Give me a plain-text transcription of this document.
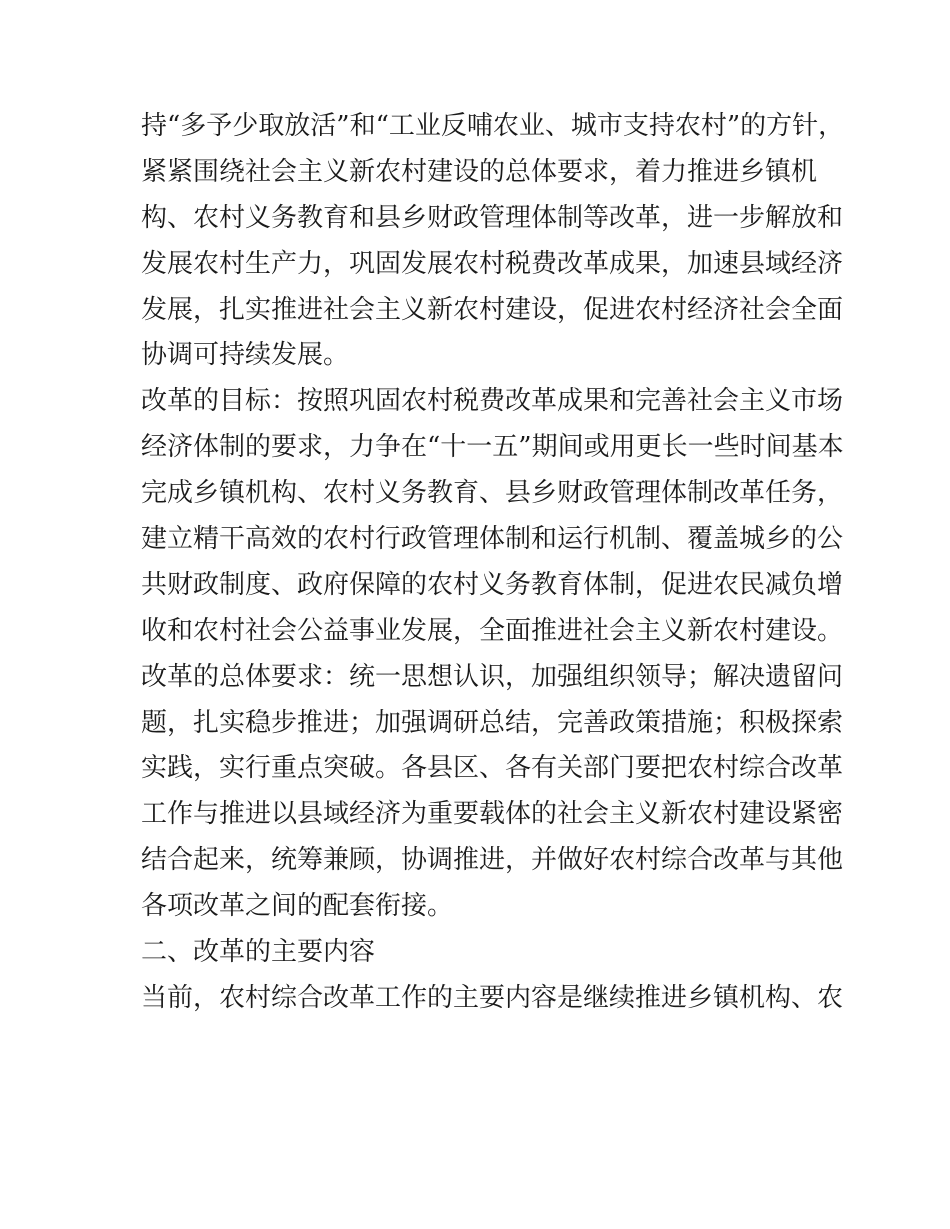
持“多予少取放活”和“工业反哺农业、城市支持农村”的方针，
紧紧围绕社会主义新农村建设的总体要求，着力推进乡镇机
构、农村义务教育和县乡财政管理体制等改革，进一步解放和
发展农村生产力，巩固发展农村税费改革成果，加速县域经济
发展，扎实推进社会主义新农村建设，促进农村经济社会全面
协调可持续发展。
改革的目标：按照巩固农村税费改革成果和完善社会主义市场
经济体制的要求，力争在“十一五”期间或用更长一些时间基本
完成乡镇机构、农村义务教育、县乡财政管理体制改革任务，
建立精干高效的农村行政管理体制和运行机制、覆盖城乡的公
共财政制度、政府保障的农村义务教育体制，促进农民减负增
收和农村社会公益事业发展，全面推进社会主义新农村建设。
改革的总体要求：统一思想认识，加强组织领导；解决遗留问
题，扎实稳步推进；加强调研总结，完善政策措施；积极探索
实践，实行重点突破。各县区、各有关部门要把农村综合改革
工作与推进以县域经济为重要载体的社会主义新农村建设紧密
结合起来，统筹兼顾，协调推进，并做好农村综合改革与其他
各项改革之间的配套衔接。
二、改革的主要内容
当前，农村综合改革工作的主要内容是继续推进乡镇机构、农
